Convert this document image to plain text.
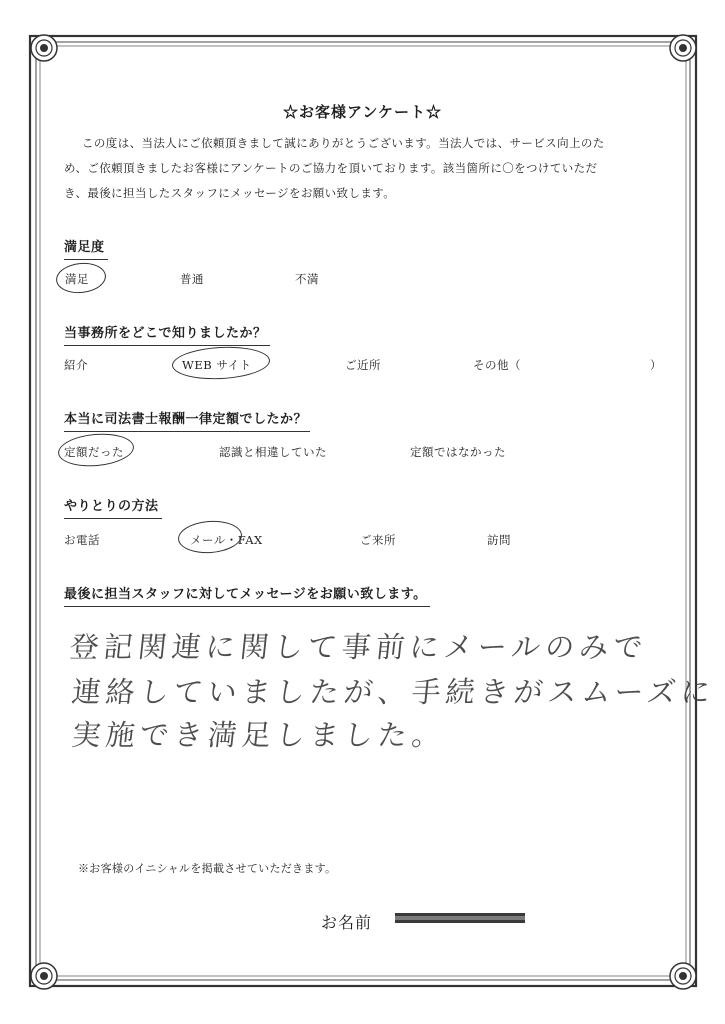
☆お客様アンケート☆
この度は、当法人にご依頼頂きまして誠にありがとうございます。当法人では、サービス向上のた
め、ご依頼頂きましたお客様にアンケートのご協力を頂いております。該当箇所に〇をつけていただ
き、最後に担当したスタッフにメッセージをお願い致します。
満足度
満足	普通	不満
当事務所をどこで知りましたか？
紹介	WEB サイト	ご近所	その他（	）
本当に司法書士報酬一律定額でしたか？
定額だった	認識と相違していた	定額ではなかった
やりとりの方法
お電話	メール・FAX	ご来所	訪問
最後に担当スタッフに対してメッセージをお願い致します。
登記関連に関して事前にメールのみで
連絡していましたが、手続きがスムーズに
実施でき満足しました。
※お客様のイニシャルを掲載させていただきます。
お名前
